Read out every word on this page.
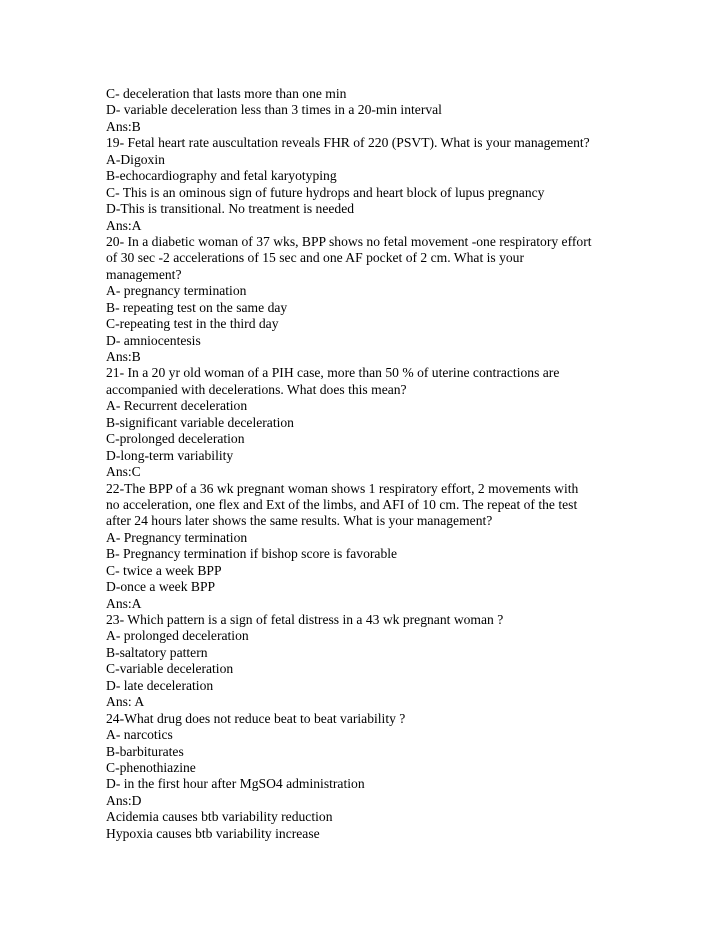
C- deceleration that lasts more than one min
D- variable deceleration less than 3 times in a 20-min interval
Ans:B
19- Fetal heart rate auscultation reveals FHR of 220 (PSVT). What is your management?
A-Digoxin
B-echocardiography and fetal karyotyping
C- This is an ominous sign of future hydrops and heart block of lupus pregnancy
D-This is transitional. No treatment is needed
Ans:A
20- In a diabetic woman of 37 wks, BPP shows no fetal movement -one respiratory effort
of 30 sec -2 accelerations of 15 sec and one AF pocket of 2 cm. What is your
management?
A- pregnancy termination
B- repeating test on the same day
C-repeating test in the third day
D- amniocentesis
Ans:B
21- In a 20 yr old woman of a PIH case, more than 50 % of uterine contractions are
accompanied with decelerations. What does this mean?
A- Recurrent deceleration
B-significant variable deceleration
C-prolonged deceleration
D-long-term variability
Ans:C
22-The BPP of a 36 wk pregnant woman shows 1 respiratory effort, 2 movements with
no acceleration, one flex and Ext of the limbs, and AFI of 10 cm. The repeat of the test
after 24 hours later shows the same results. What is your management?
A- Pregnancy termination
B- Pregnancy termination if bishop score is favorable
C- twice a week BPP
D-once a week BPP
Ans:A
23- Which pattern is a sign of fetal distress in a 43 wk pregnant woman ?
A- prolonged deceleration
B-saltatory pattern
C-variable deceleration
D- late deceleration
Ans: A
24-What drug does not reduce beat to beat variability ?
A- narcotics
B-barbiturates
C-phenothiazine
D- in the first hour after MgSO4 administration
Ans:D
Acidemia causes btb variability reduction
Hypoxia causes btb variability increase
